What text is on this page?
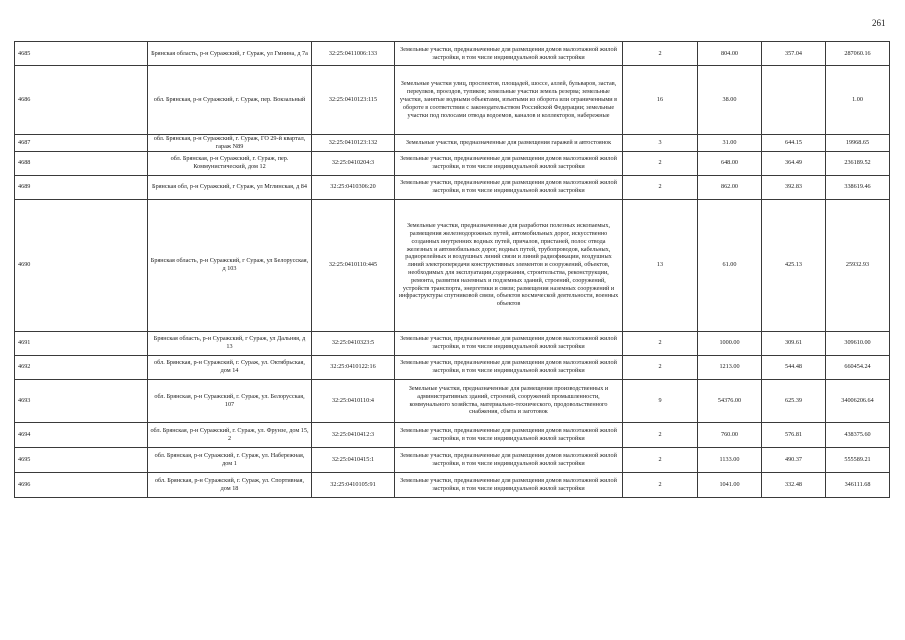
261
4685	Брянская область, р-н Суражский, г Сураж, ул Гмнина, д 7а	32:25:0411006:133	Земельные участки, предназначенные для размещения домов малоэтажной жилой застройки, в том числе индивидуальной жилой застройки	2	804.00	357.04	287060.16
4686	обл. Брянская, р-н Суражский, г. Сураж, пер. Вокзальный	32:25:0410123:115	Земельные участки улиц, проспектов, площадей, шоссе, аллей, бульваров, застав, переулков, проездов, тупиков; земельные участки земель резерва; земельные участки, занятые водными объектами, изъятыми из оборота или ограниченными в обороте в соответствии с законодательством Российской Федерации; земельные участки под полосами отвода водоемов, каналов и коллекторов, набережные	16	38.00		1.00
4687	обл. Брянская, р-н Суражский, г. Сураж, ГО 29-й квартал, гараж N89	32:25:0410123:132	Земельные участки, предназначенные для размещения гаражей и автостоянок	3	31.00	644.15	19968.65
4688	обл. Брянская, р-н Суражский, г. Сураж, пер. Коммунистический, дом 12	32:25:0410204:3	Земельные участки, предназначенные для размещения домов малоэтажной жилой застройки, в том числе индивидуальной жилой застройки	2	648.00	364.49	236189.52
4689	Брянская обл, р-н Суражский, г Сураж, ул Мглинская, д 84	32:25:0410306:20	Земельные участки, предназначенные для размещения домов малоэтажной жилой застройки, в том числе индивидуальной жилой застройки	2	862.00	392.83	338619.46
4690	Брянская область, р-н Суражский, г Сураж, ул Белорусская, д 103	32:25:0410110:445	Земельные участки, предназначенные для разработки полезных ископаемых, размещения железнодорожных путей, автомобильных дорог, искусственно созданных внутренних водных путей, причалов, пристаней, полос отвода железных и автомобильных дорог, водных путей, трубопроводов, кабельных, радиорелейных и воздушных линий связи и линий радиофикации, воздушных линий электропередачи конструктивных элементов и сооружений, объектов, необходимых для эксплуатации,содержания, строительства, реконструкции, ремонта, развития наземных и подземных зданий, строений, сооружений, устройств транспорта, энергетики и связи; размещения наземных сооружений и инфраструктуры спутниковой связи, объектов космической деятельности, военных объектов	13	61.00	425.13	25932.93
4691	Брянская область, р-н Суражский, г Сураж, ул Дальняя, д 13	32:25:0410323:5	Земельные участки, предназначенные для размещения домов малоэтажной жилой застройки, в том числе индивидуальной жилой застройки	2	1000.00	309.61	309610.00
4692	обл. Брянская, р-н Суражский, г. Сураж, ул. Октябрьская, дом 14	32:25:0410122:16	Земельные участки, предназначенные для размещения домов малоэтажной жилой застройки, в том числе индивидуальной жилой застройки	2	1213.00	544.48	660454.24
4693	обл. Брянская, р-н Суражский, г. Сураж, ул. Белорусская, 107	32:25:0410110:4	Земельные участки, предназначенные для размещения производственных и административных зданий, строений, сооружений промышленности, коммунального хозяйства, материально-технического, продовольственного снабжения, сбыта и заготовок	9	54376.00	625.39	34006206.64
4694	обл. Брянская, р-н Суражский, г. Сураж, ул. Фрунзе, дом 15, 2	32:25:0410412:3	Земельные участки, предназначенные для размещения домов малоэтажной жилой застройки, в том числе индивидуальной жилой застройки	2	760.00	576.81	438375.60
4695	обл. Брянская, р-н Суражский, г. Сураж, ул. Набережная, дом 1	32:25:0410415:1	Земельные участки, предназначенные для размещения домов малоэтажной жилой застройки, в том числе индивидуальной жилой застройки	2	1133.00	490.37	555589.21
4696	обл. Брянская, р-н Суражский, г. Сураж, ул. Спортивная, дом 18	32:25:0410105:91	Земельные участки, предназначенные для размещения домов малоэтажной жилой застройки, в том числе индивидуальной жилой застройки	2	1041.00	332.48	346111.68
